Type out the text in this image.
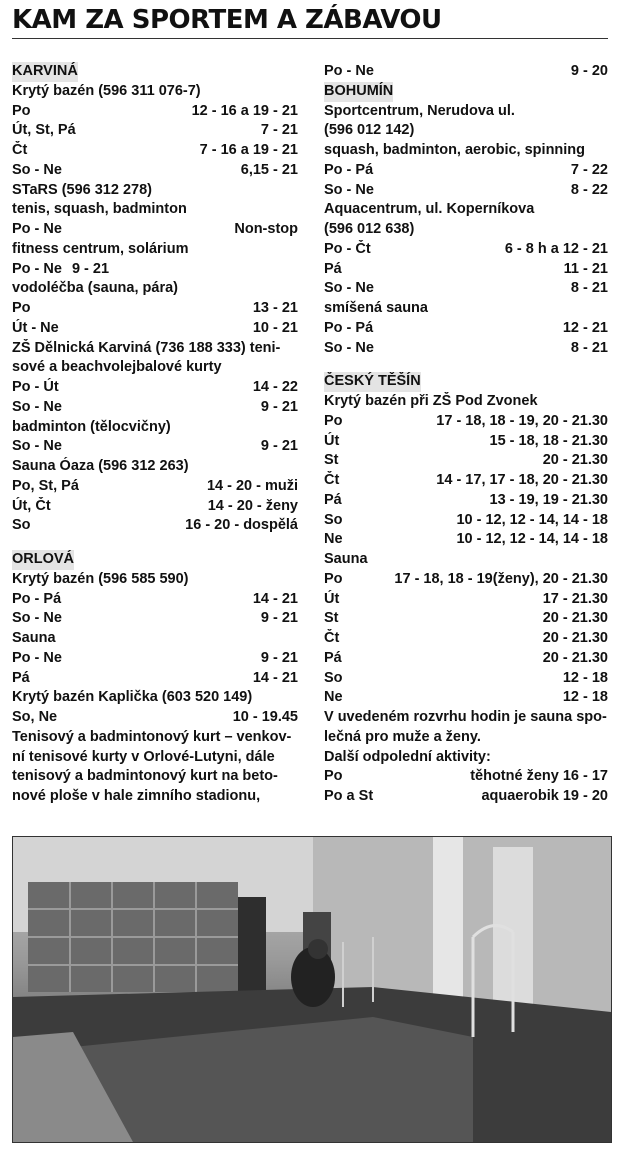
KAM ZA SPORTEM A ZÁBAVOU
KARVINÁ
Krytý bazén (596 311 076-7)
Po	12 - 16 a 19 - 21
Út, St, Pá	7 - 21
Čt	7 - 16 a 19 - 21
So - Ne	6,15 - 21
STaRS (596 312 278)
tenis, squash, badminton
Po - Ne	Non-stop
fitness centrum, solárium
Po - Ne 9 - 21
vodoléčba (sauna, pára)
Po	13 - 21
Út - Ne	10 - 21
ZŠ Dělnická Karviná (736 188 333) teni-
sové a beachvolejbalové kurty
Po - Út	14 - 22
So - Ne	9 - 21
badminton (tělocvičny)
So - Ne	9 - 21
Sauna Óaza (596 312 263)
Po, St, Pá	14 - 20 - muži
Út, Čt	14 - 20 - ženy
So	16 - 20 - dospělá
ORLOVÁ
Krytý bazén (596 585 590)
Po - Pá	14 - 21
So - Ne	9 - 21
Sauna
Po - Ne	9 - 21
Pá	14 - 21
Krytý bazén Kaplička (603 520 149)
So, Ne	10 - 19.45
Tenisový a badmintonový kurt – venkov-
ní tenisové kurty v Orlové-Lutyni, dále
tenisový a badmintonový kurt na beto-
nové ploše v hale zimního stadionu,
Po - Ne	9 - 20
BOHUMÍN
Sportcentrum, Nerudova ul.
(596 012 142)
squash, badminton, aerobic, spinning
Po - Pá	7 - 22
So - Ne	8 - 22
Aquacentrum, ul. Koperníkova
(596 012 638)
Po - Čt	6 - 8 h a 12 - 21
Pá	11 - 21
So - Ne	8 - 21
smíšená sauna
Po - Pá	12 - 21
So - Ne	8 - 21
ČESKÝ TĚŠÍN
Krytý bazén při ZŠ Pod Zvonek
Po	17 - 18, 18 - 19, 20 - 21.30
Út	15 - 18, 18 - 21.30
St	20 - 21.30
Čt	14 - 17, 17 - 18, 20 - 21.30
Pá	13 - 19, 19 - 21.30
So	10 - 12, 12 - 14, 14 - 18
Ne	10 - 12, 12 - 14, 14 - 18
Sauna
Po	17 - 18, 18 - 19(ženy), 20 - 21.30
Út	17 - 21.30
St	20 - 21.30
Čt	20 - 21.30
Pá	20 - 21.30
So	12 - 18
Ne	12 - 18
V uvedeném rozvrhu hodin je sauna spo-
lečná pro muže a ženy.
Další odpolední aktivity:
Po	těhotné ženy 16 - 17
Po a St	aquaerobik 19 - 20
